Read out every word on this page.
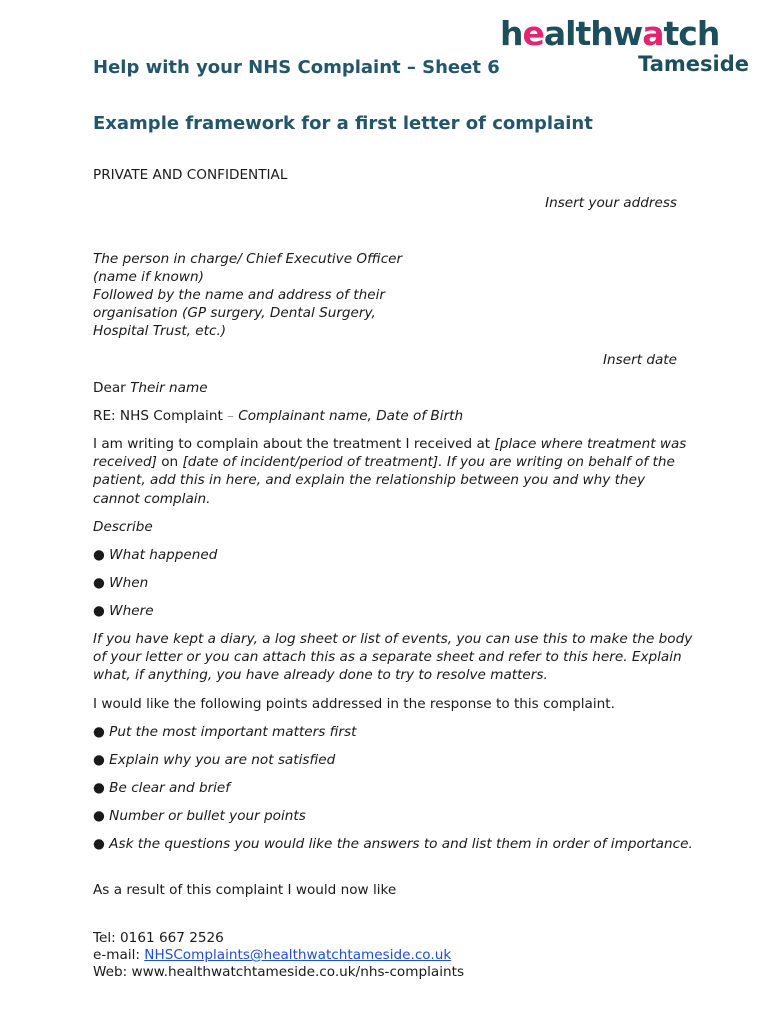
healthwatch
Tameside
Help with your NHS Complaint – Sheet 6
Example framework for a first letter of complaint
PRIVATE AND CONFIDENTIAL
Insert your address
The person in charge/ Chief Executive Officer
(name if known)
Followed by the name and address of their
organisation (GP surgery, Dental Surgery,
Hospital Trust, etc.)
Insert date
Dear Their name
RE: NHS Complaint – Complainant name, Date of Birth
I am writing to complain about the treatment I received at [place where treatment was received] on [date of incident/period of treatment]. If you are writing on behalf of the patient, add this in here, and explain the relationship between you and why they cannot complain.
Describe
● What happened
● When
● Where
If you have kept a diary, a log sheet or list of events, you can use this to make the body of your letter or you can attach this as a separate sheet and refer to this here. Explain what, if anything, you have already done to try to resolve matters.
I would like the following points addressed in the response to this complaint.
● Put the most important matters first
● Explain why you are not satisfied
● Be clear and brief
● Number or bullet your points
● Ask the questions you would like the answers to and list them in order of importance.
As a result of this complaint I would now like
Tel: 0161 667 2526
e-mail: NHSComplaints@healthwatchtameside.co.uk
Web: www.healthwatchtameside.co.uk/nhs-complaints
